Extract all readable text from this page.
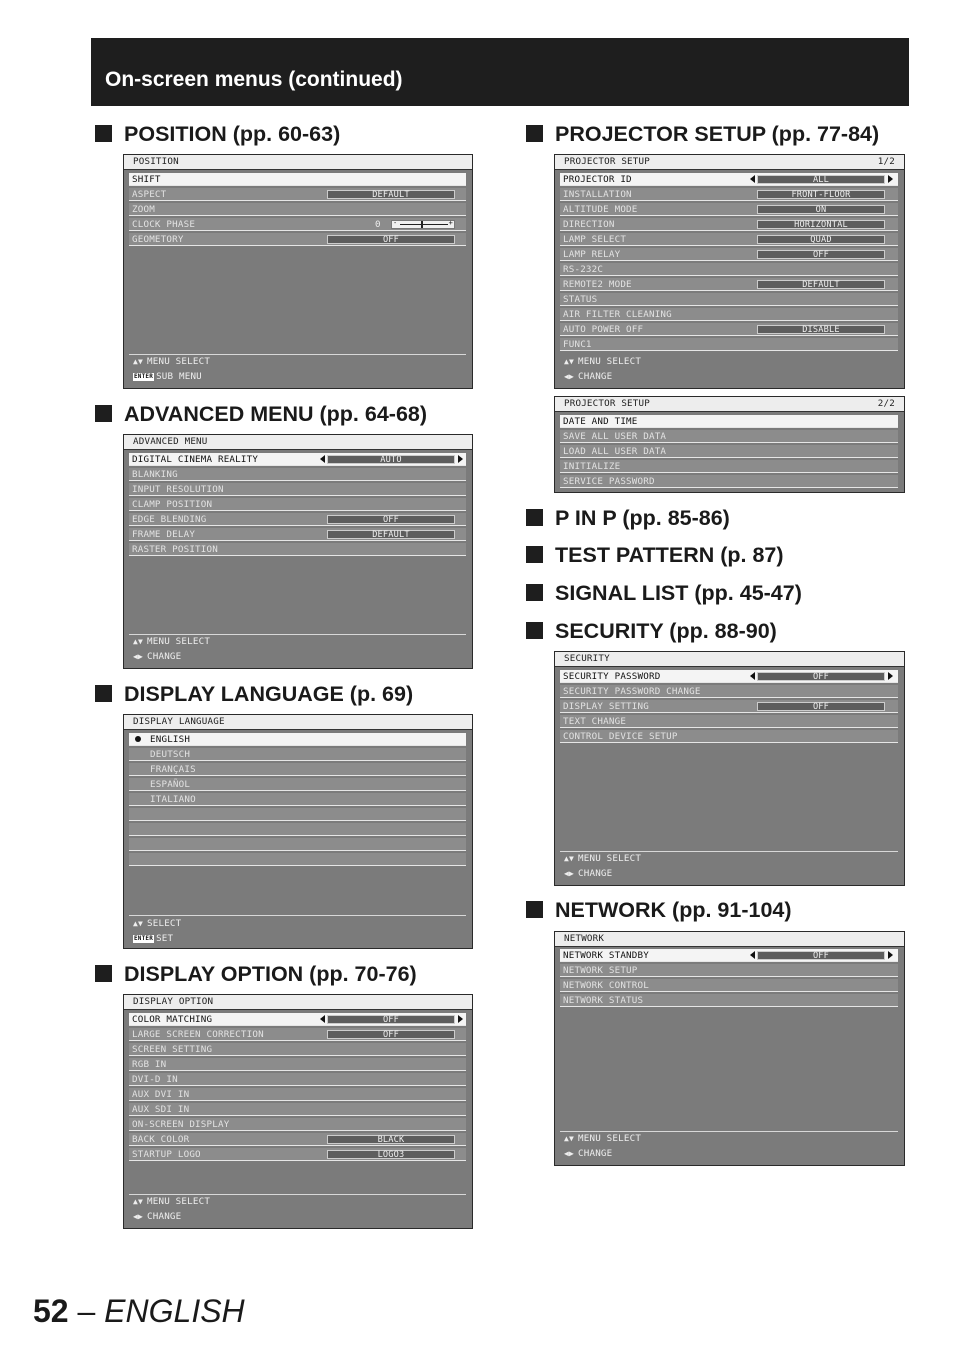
On-screen menus (continued)
POSITION (pp. 60-63)
POSITION
SHIFT
ASPECT	DEFAULT
ZOOM
CLOCK PHASE	0 -	+
GEOMETORY	OFF
▲▼ MENU SELECT
ENTER SUB MENU
ADVANCED MENU (pp. 64-68)
ADVANCED MENU
DIGITAL CINEMA REALITY	AUTO
BLANKING
INPUT RESOLUTION
CLAMP POSITION
EDGE BLENDING	OFF
FRAME DELAY	DEFAULT
RASTER POSITION
▲▼ MENU SELECT
◀▶ CHANGE
DISPLAY LANGUAGE (p. 69)
DISPLAY LANGUAGE
ENGLISH
DEUTSCH
FRANÇAIS
ESPAÑOL
ITALIANO
▲▼ SELECT
ENTER SET
DISPLAY OPTION (pp. 70-76)
DISPLAY OPTION
COLOR MATCHING	OFF
LARGE SCREEN CORRECTION	OFF
SCREEN SETTING
RGB IN
DVI-D IN
AUX DVI IN
AUX SDI IN
ON-SCREEN DISPLAY
BACK COLOR	BLACK
STARTUP LOGO	LOGO3
▲▼ MENU SELECT
◀▶ CHANGE
PROJECTOR SETUP (pp. 77-84)
PROJECTOR SETUP	1/2
PROJECTOR ID	ALL
INSTALLATION	FRONT-FLOOR
ALTITUDE MODE	ON
DIRECTION	HORIZONTAL
LAMP SELECT	QUAD
LAMP RELAY	OFF
RS-232C
REMOTE2 MODE	DEFAULT
STATUS
AIR FILTER CLEANING
AUTO POWER OFF	DISABLE
FUNC1
▲▼ MENU SELECT
◀▶ CHANGE
PROJECTOR SETUP	2/2
DATE AND TIME
SAVE ALL USER DATA
LOAD ALL USER DATA
INITIALIZE
SERVICE PASSWORD
P IN P (pp. 85-86)
TEST PATTERN (p. 87)
SIGNAL LIST (pp. 45-47)
SECURITY (pp. 88-90)
SECURITY
SECURITY PASSWORD	OFF
SECURITY PASSWORD CHANGE
DISPLAY SETTING	OFF
TEXT CHANGE
CONTROL DEVICE SETUP
▲▼ MENU SELECT
◀▶ CHANGE
NETWORK (pp. 91-104)
NETWORK
NETWORK STANDBY	OFF
NETWORK SETUP
NETWORK CONTROL
NETWORK STATUS
▲▼ MENU SELECT
◀▶ CHANGE
52 – ENGLISH
